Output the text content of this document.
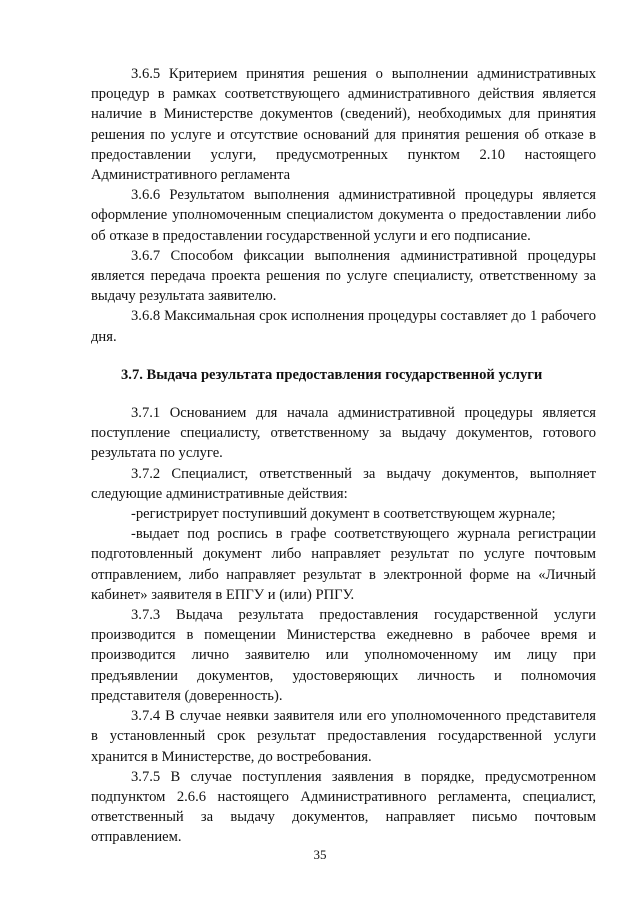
3.6.5 Критерием принятия решения о выполнении административных процедур в рамках соответствующего административного действия является наличие в Министерстве документов (сведений), необходимых для принятия решения по услуге и отсутствие оснований для принятия решения об отказе в предоставлении услуги, предусмотренных пунктом 2.10 настоящего Административного регламента

3.6.6 Результатом выполнения административной процедуры является оформление уполномоченным специалистом документа о предоставлении либо об отказе в предоставлении государственной услуги и его подписание.

3.6.7 Способом фиксации выполнения административной процедуры является передача проекта решения по услуге специалисту, ответственному за выдачу результата заявителю.

3.6.8 Максимальная срок исполнения процедуры составляет до 1 рабочего дня.

3.7. Выдача результата предоставления государственной услуги

3.7.1 Основанием для начала административной процедуры является поступление специалисту, ответственному за выдачу документов, готового результата по услуге.

3.7.2 Специалист, ответственный за выдачу документов, выполняет следующие административные действия:

-регистрирует поступивший документ в соответствующем журнале;

-выдает под роспись в графе соответствующего журнала регистрации подготовленный документ либо направляет результат по услуге почтовым отправлением, либо направляет результат в электронной форме на «Личный кабинет» заявителя в ЕПГУ и (или) РПГУ.

3.7.3 Выдача результата предоставления государственной услуги производится в помещении Министерства ежедневно в рабочее время и производится лично заявителю или уполномоченному им лицу при предъявлении документов, удостоверяющих личность и полномочия представителя (доверенность).

3.7.4 В случае неявки заявителя или его уполномоченного представителя в установленный срок результат предоставления государственной услуги хранится в Министерстве, до востребования.

3.7.5 В случае поступления заявления в порядке, предусмотренном подпунктом 2.6.6 настоящего Административного регламента, специалист, ответственный за выдачу документов, направляет письмо почтовым отправлением.

35
